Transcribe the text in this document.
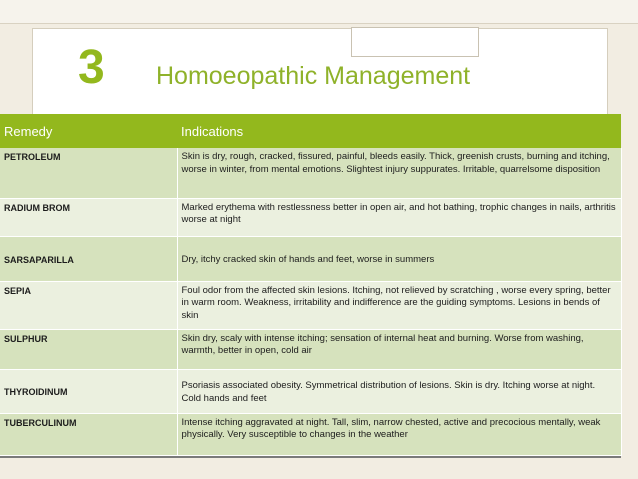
3 Homoeopathic Management
Remedy	Indications
PETROLEUM	Skin is dry, rough, cracked, fissured, painful, bleeds easily. Thick, greenish crusts, burning and itching, worse in winter, from mental emotions. Slightest injury suppurates. Irritable, quarrelsome disposition
RADIUM BROM	Marked erythema with restlessness better in open air, and hot bathing, trophic changes in nails, arthritis worse at night
SARSAPARILLA	Dry, itchy cracked skin of hands and feet, worse in summers
SEPIA	Foul odor from the affected skin lesions. Itching, not relieved by scratching , worse every spring, better in warm room. Weakness, irritability and indifference are the guiding symptoms. Lesions in bends of skin
SULPHUR	Skin dry, scaly with intense itching; sensation of internal heat and burning. Worse from washing, warmth, better in open, cold air
THYROIDINUM	Psoriasis associated obesity. Symmetrical distribution of lesions. Skin is dry. Itching worse at night. Cold hands and feet
TUBERCULINUM	Intense itching aggravated at night. Tall, slim, narrow chested, active and precocious mentally, weak physically. Very susceptible to changes in the weather
